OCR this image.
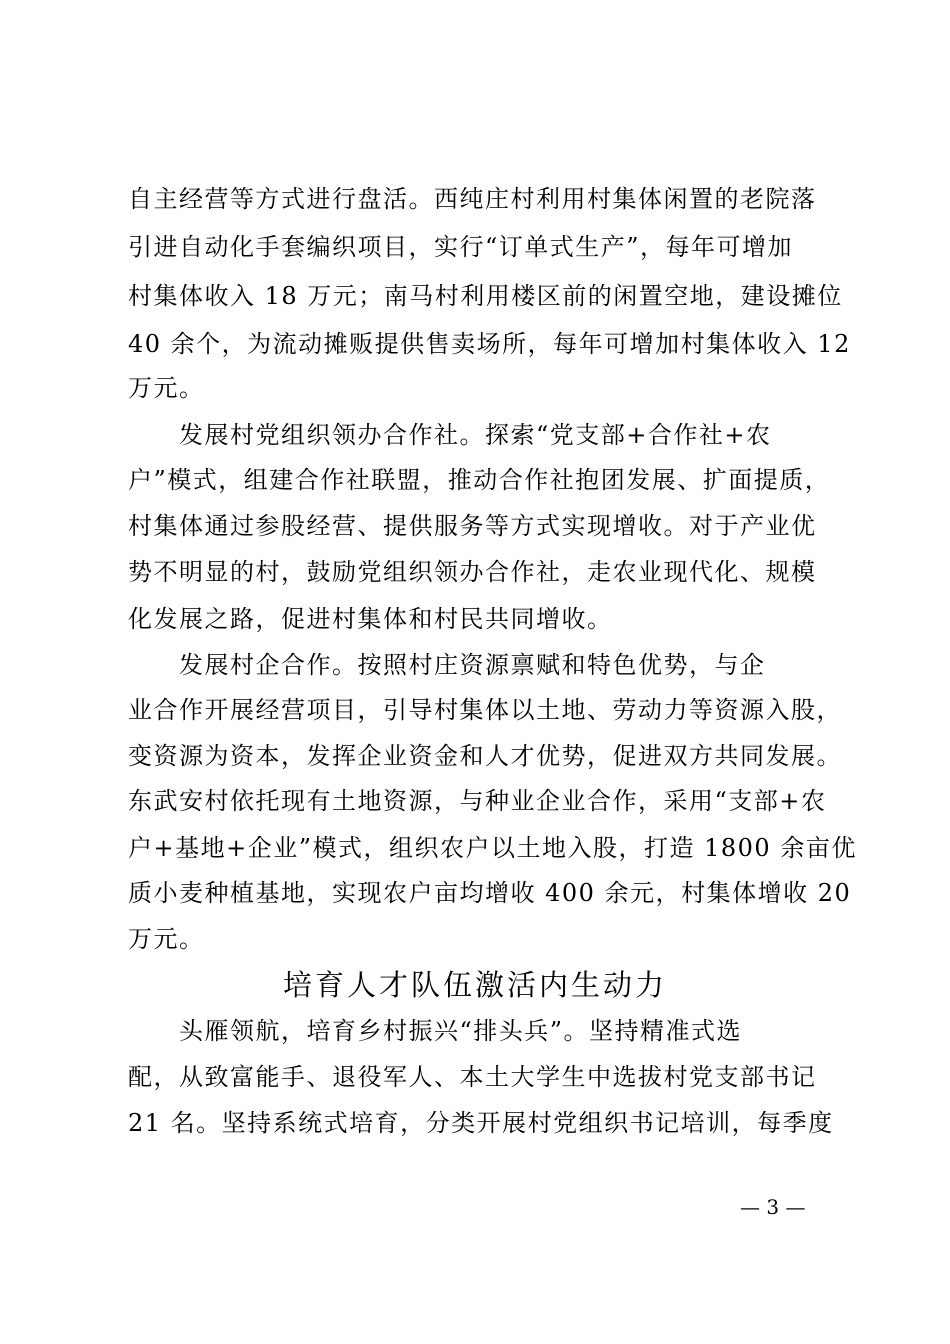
自主经营等方式进行盘活。西纯庄村利用村集体闲置的老院落
引进自动化手套编织项目，实行“订单式生产”，每年可增加
村集体收入 18 万元；南马村利用楼区前的闲置空地，建设摊位
40 余个，为流动摊贩提供售卖场所，每年可增加村集体收入 12
万元。
　　发展村党组织领办合作社。探索“党支部+合作社+农
户”模式，组建合作社联盟，推动合作社抱团发展、扩面提质，
村集体通过参股经营、提供服务等方式实现增收。对于产业优
势不明显的村，鼓励党组织领办合作社，走农业现代化、规模
化发展之路，促进村集体和村民共同增收。
　　发展村企合作。按照村庄资源禀赋和特色优势，与企
业合作开展经营项目，引导村集体以土地、劳动力等资源入股，
变资源为资本，发挥企业资金和人才优势，促进双方共同发展。
东武安村依托现有土地资源，与种业企业合作，采用“支部+农
户+基地+企业”模式，组织农户以土地入股，打造 1800 余亩优
质小麦种植基地，实现农户亩均增收 400 余元，村集体增收 20
万元。
培育人才队伍激活内生动力
　　头雁领航，培育乡村振兴“排头兵”。坚持精准式选
配，从致富能手、退役军人、本土大学生中选拔村党支部书记
21 名。坚持系统式培育，分类开展村党组织书记培训，每季度
— 3 —
